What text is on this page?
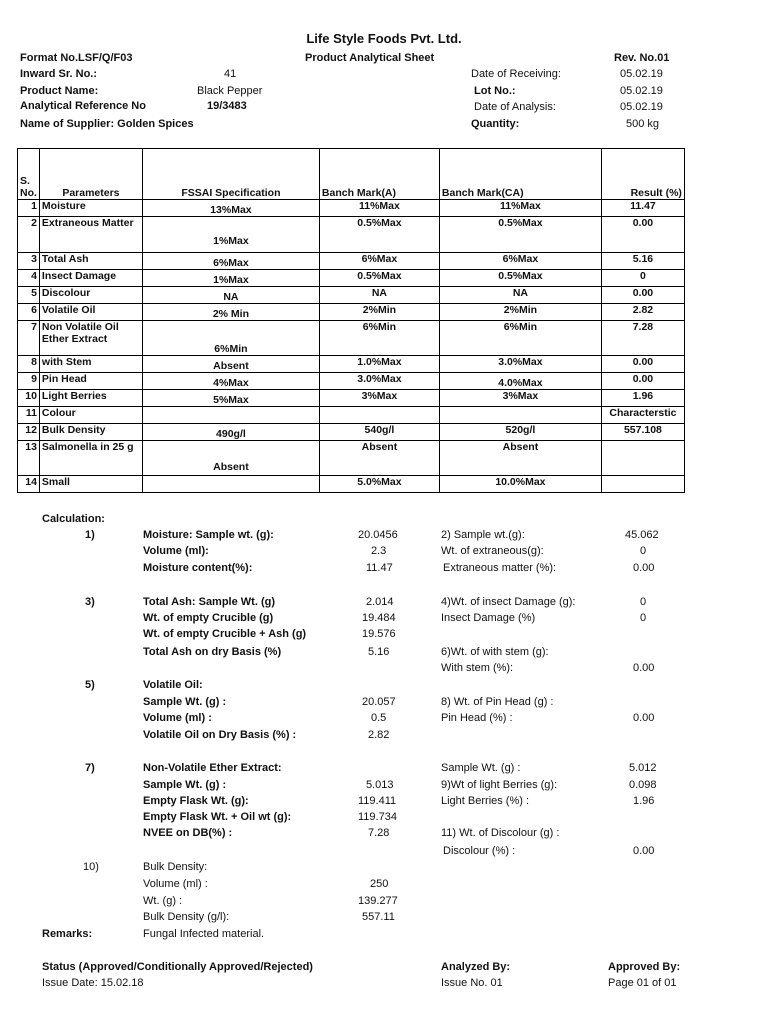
Life Style Foods Pvt. Ltd.
Format No.LSF/Q/F03	Product Analytical Sheet	Rev. No.01
Inward Sr. No.:	41	Date of Receiving:	05.02.19
Product Name:	Black Pepper	Lot No.:	05.02.19
Analytical Reference No	19/3483	Date of Analysis:	05.02.19
Name of Supplier: Golden Spices	Quantity:	500 kg
S. No.	Parameters	FSSAI Specification	Banch Mark(A)	Banch Mark(CA)	Result (%)
1	Moisture	13%Max	11%Max	11%Max	11.47
2	Extraneous Matter	1%Max	0.5%Max	0.5%Max	0.00
3	Total Ash	6%Max	6%Max	6%Max	5.16
4	Insect Damage	1%Max	0.5%Max	0.5%Max	0
5	Discolour	NA	NA	NA	0.00
6	Volatile Oil	2% Min	2%Min	2%Min	2.82
7	Non Volatile Oil Ether Extract	6%Min	6%Min	6%Min	7.28
8	with Stem	Absent	1.0%Max	3.0%Max	0.00
9	Pin Head	4%Max	3.0%Max	4.0%Max	0.00
10	Light Berries	5%Max	3%Max	3%Max	1.96
11	Colour				Characterstic
12	Bulk Density	490g/l	540g/l	520g/l	557.108
13	Salmonella in 25 g	Absent	Absent	Absent	
14	Small		5.0%Max	10.0%Max	
Calculation:
1)	Moisture: Sample wt. (g):	20.0456
Volume (ml):	2.3
Moisture content(%):	11.47
3)	Total Ash: Sample Wt. (g)	2.014
Wt. of empty Crucible (g)	19.484
Wt. of empty Crucible + Ash (g)	19.576
Total Ash on dry Basis (%)	5.16
5)	Volatile Oil:
Sample Wt. (g) :	20.057
Volume (ml) :	0.5
Volatile Oil on Dry Basis (%) :	2.82
7)	Non-Volatile Ether Extract:
Sample Wt. (g) :	5.013
Empty Flask Wt. (g):	119.411
Empty Flask Wt. + Oil wt (g):	119.734
NVEE on DB(%) :	7.28
10)	Bulk Density:
Volume (ml) :	250
Wt. (g) :	139.277
Bulk Density (g/l):	557.11
2) Sample wt.(g):	45.062
Wt. of extraneous(g):	0
Extraneous matter (%):	0.00
4)Wt. of insect Damage (g):	0
Insect Damage (%)	0
6)Wt. of with stem (g):
With stem (%):	0.00
8) Wt. of Pin Head (g) :
Pin Head (%) :	0.00
Sample Wt. (g) :	5.012
9)Wt of light Berries (g):	0.098
Light Berries (%) :	1.96
11) Wt. of Discolour (g) :
Discolour (%) :	0.00
Remarks:	Fungal Infected material.
Status (Approved/Conditionally Approved/Rejected)	Analyzed By:	Approved By:
Issue Date: 15.02.18	Issue No. 01	Page 01 of 01
